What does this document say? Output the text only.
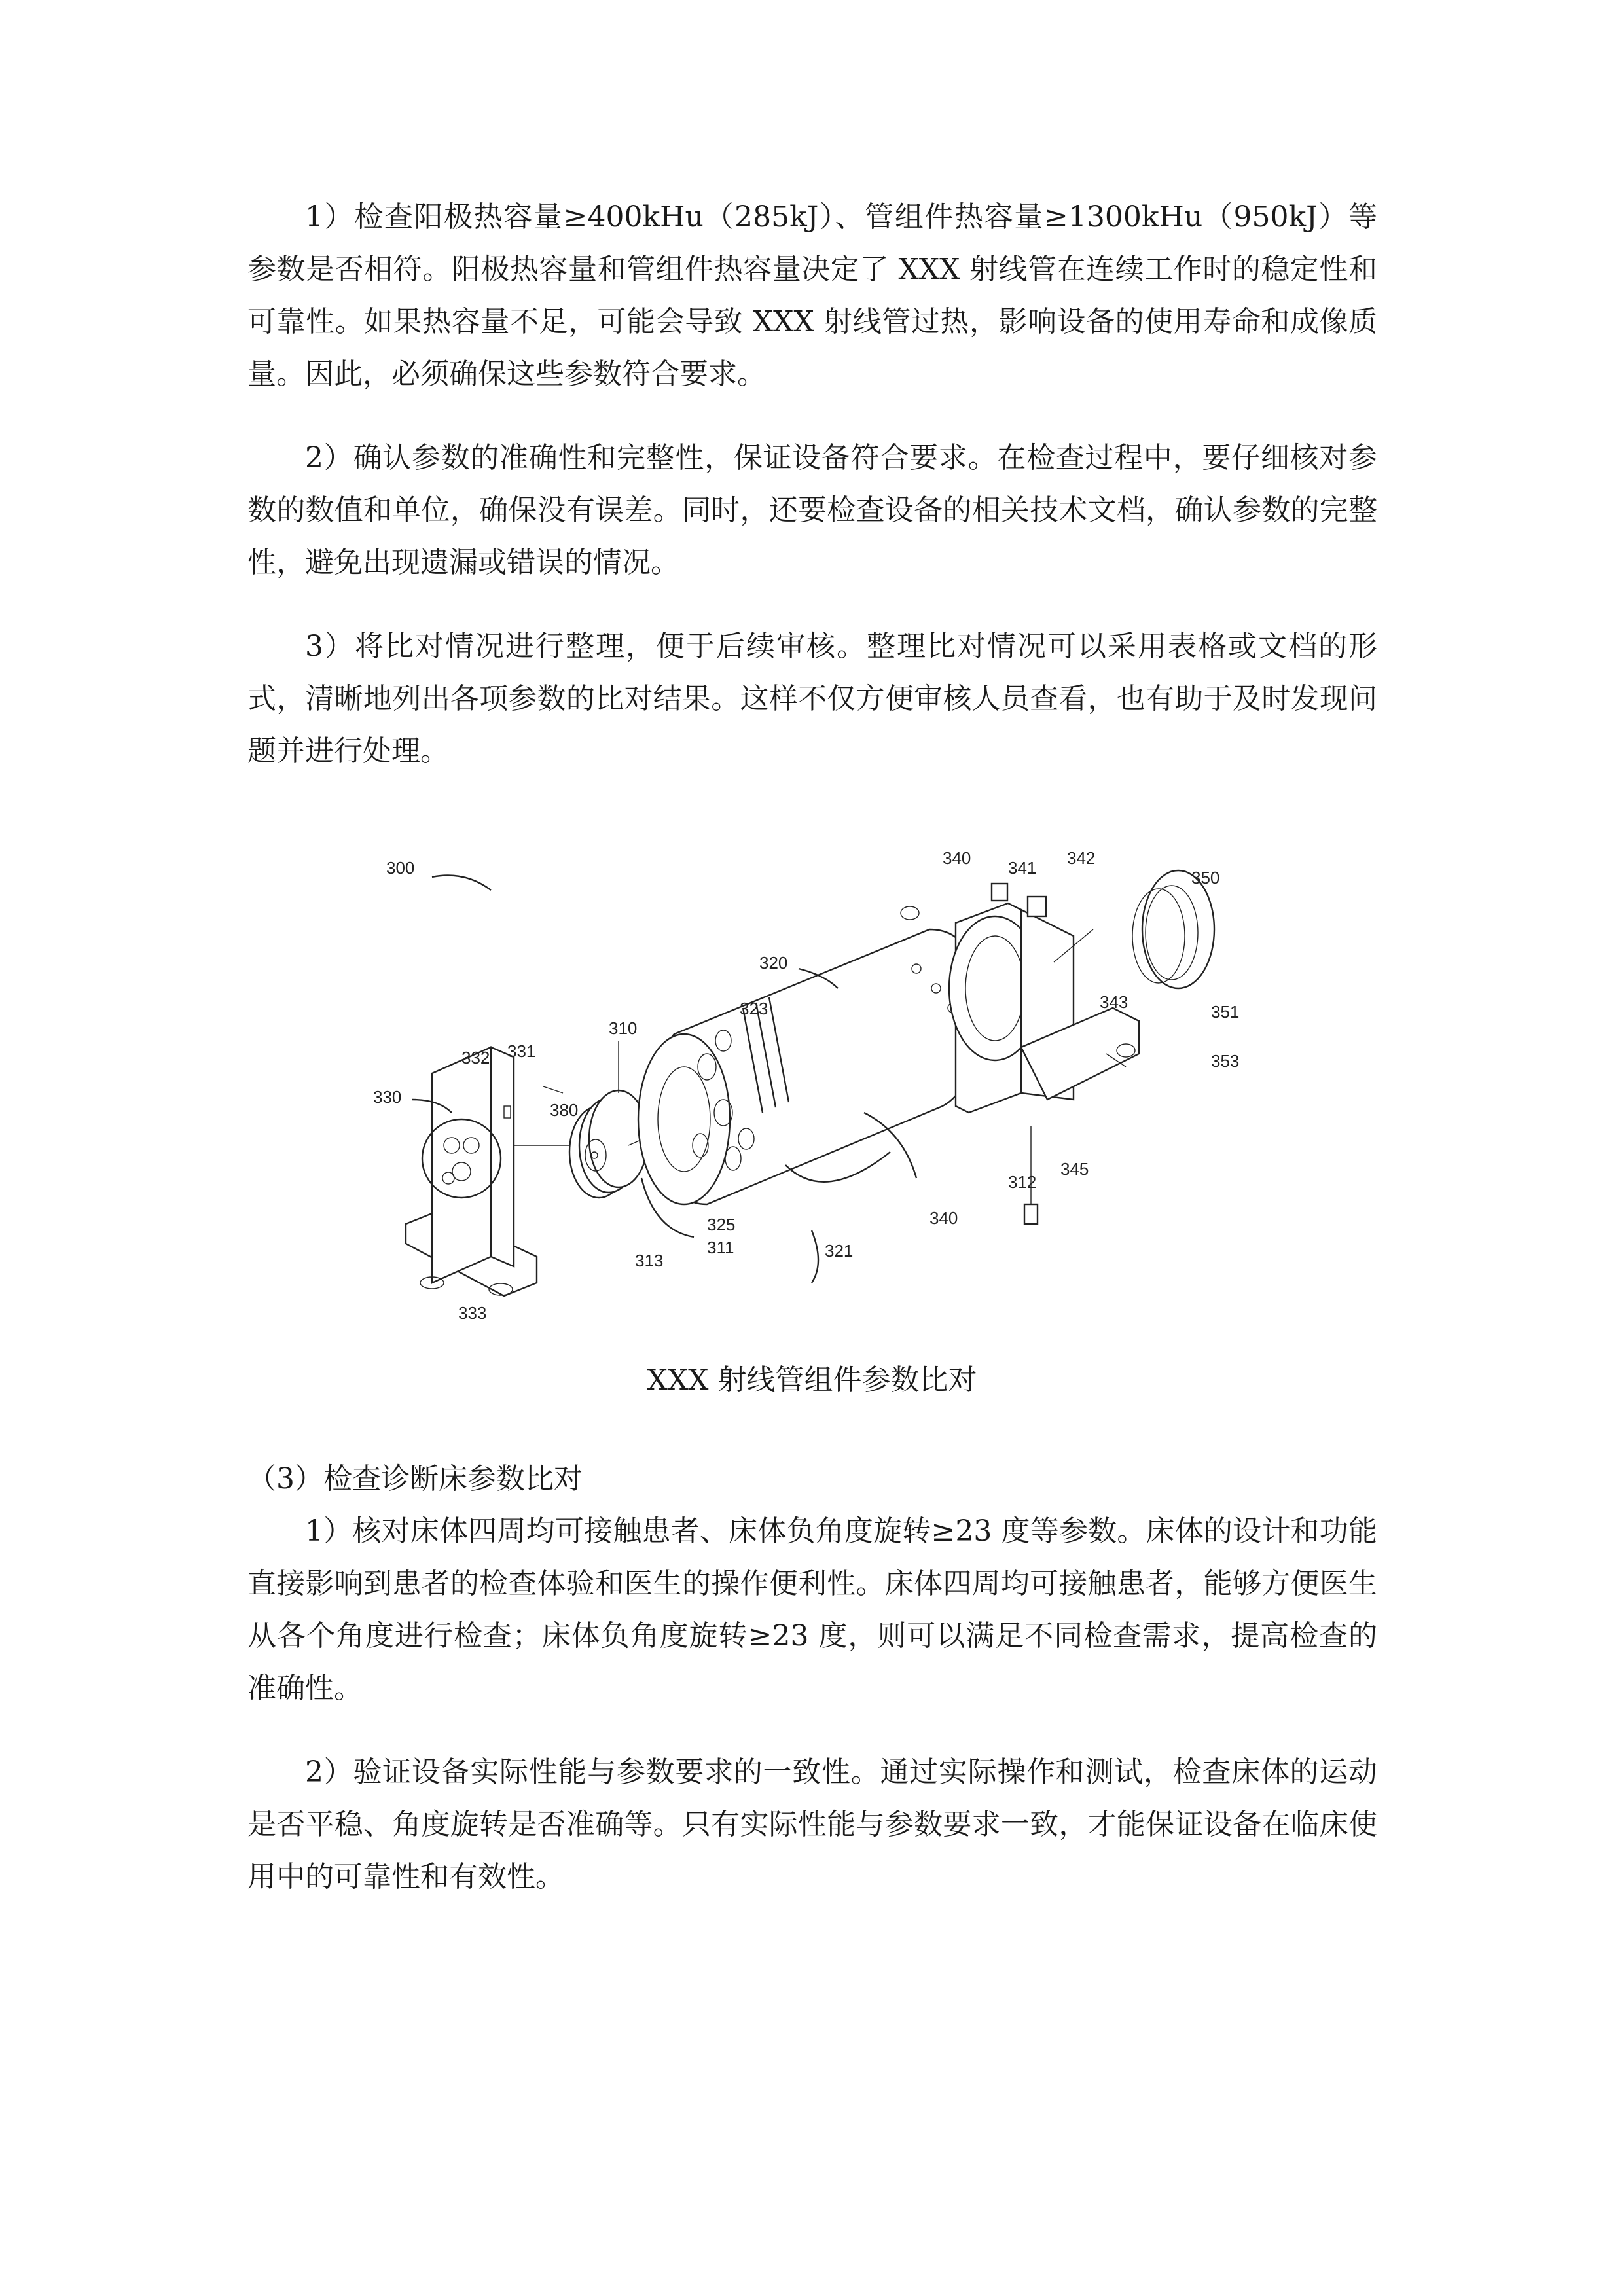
1）检查阳极热容量≥400kHu（285kJ）、管组件热容量≥1300kHu（950kJ）等参数是否相符。阳极热容量和管组件热容量决定了 XXX 射线管在连续工作时的稳定性和可靠性。如果热容量不足，可能会导致 XXX 射线管过热，影响设备的使用寿命和成像质量。因此，必须确保这些参数符合要求。

2）确认参数的准确性和完整性，保证设备符合要求。在检查过程中，要仔细核对参数的数值和单位，确保没有误差。同时，还要检查设备的相关技术文档，确认参数的完整性，避免出现遗漏或错误的情况。

3）将比对情况进行整理，便于后续审核。整理比对情况可以采用表格或文档的形式，清晰地列出各项参数的比对结果。这样不仅方便审核人员查看，也有助于及时发现问题并进行处理。

300
320
323
310
340 341 342
350
343	351
353
332 331
330
380
312
345
325
311
313	321
340
333
XXX 射线管组件参数比对

（3）检查诊断床参数比对

1）核对床体四周均可接触患者、床体负角度旋转≥23 度等参数。床体的设计和功能直接影响到患者的检查体验和医生的操作便利性。床体四周均可接触患者，能够方便医生从各个角度进行检查；床体负角度旋转≥23 度，则可以满足不同检查需求，提高检查的准确性。

2）验证设备实际性能与参数要求的一致性。通过实际操作和测试，检查床体的运动是否平稳、角度旋转是否准确等。只有实际性能与参数要求一致，才能保证设备在临床使用中的可靠性和有效性。
